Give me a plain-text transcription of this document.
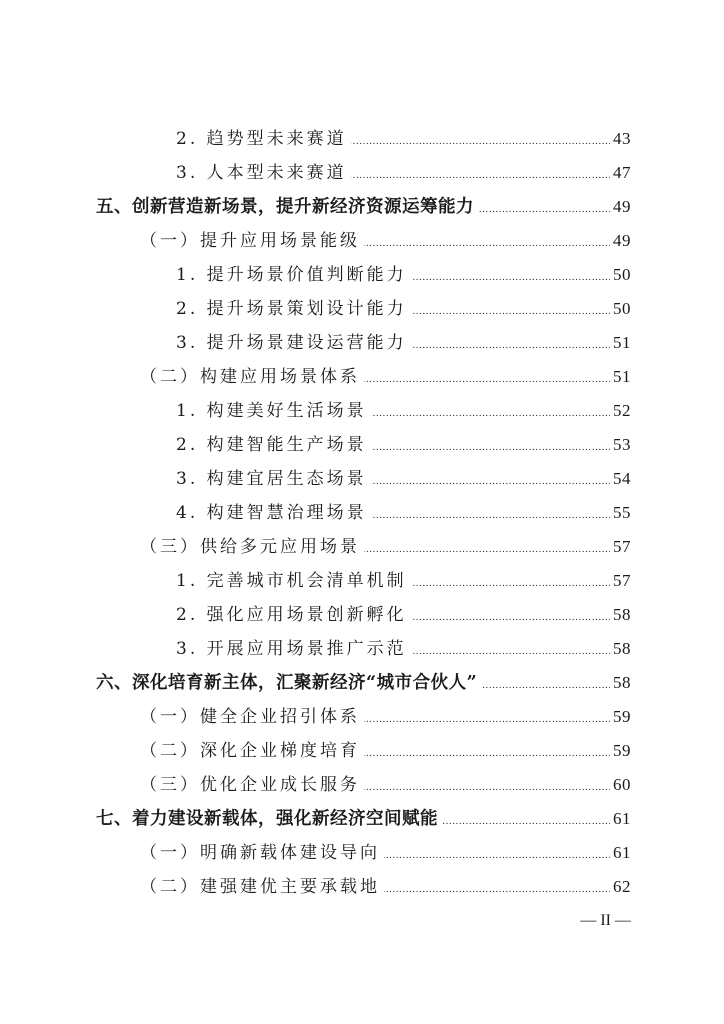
2. 趋势型未来赛道 . . .	43
3. 人本型未来赛道 . . .	47
五、创新营造新场景，提升新经济资源运筹能力 . . .	49
（一）提升应用场景能级 . . .	49
1. 提升场景价值判断能力 . . .	50
2. 提升场景策划设计能力 . . .	50
3. 提升场景建设运营能力 . . .	51
（二）构建应用场景体系 . . .	51
1. 构建美好生活场景 . . .	52
2. 构建智能生产场景 . . .	53
3. 构建宜居生态场景 . . .	54
4. 构建智慧治理场景 . . .	55
（三）供给多元应用场景 . . .	57
1. 完善城市机会清单机制 . . .	57
2. 强化应用场景创新孵化 . . .	58
3. 开展应用场景推广示范 . . .	58
六、深化培育新主体，汇聚新经济“城市合伙人” . . .	58
（一）健全企业招引体系 . . .	59
（二）深化企业梯度培育 . . .	59
（三）优化企业成长服务 . . .	60
七、着力建设新载体，强化新经济空间赋能 . . .	61
（一）明确新载体建设导向 . . .	61
（二）建强建优主要承载地 . . .	62
— II —
